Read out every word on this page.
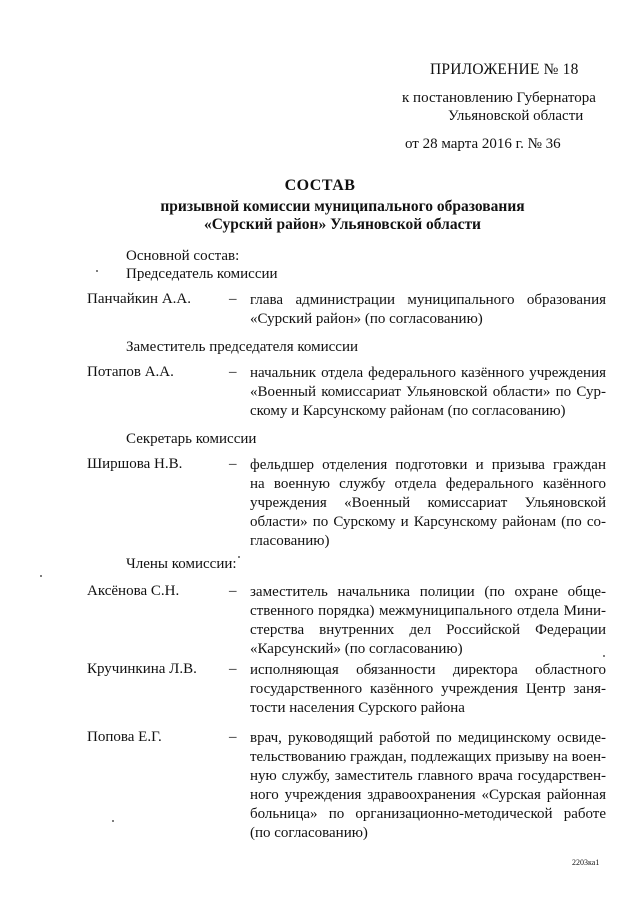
ПРИЛОЖЕНИЕ № 18
к постановлению Губернатора
Ульяновской области
от 28 марта 2016 г. № 36
СОСТАВ
призывной комиссии муниципального образования
«Сурский район» Ульяновской области
Основной состав:
Председатель комиссии
Панчайкин А.А.	– глава администрации муниципального образования
«Сурский район» (по согласованию)
Заместитель председателя комиссии
Потапов А.А.	– начальник отдела федерального казённого учреждения
«Военный комиссариат Ульяновской области» по Сур-
скому и Карсунскому районам (по согласованию)
Секретарь комиссии
Ширшова Н.В.	– фельдшер отделения подготовки и призыва граждан
на военную службу отдела федерального казённого
учреждения «Военный комиссариат Ульяновской
области» по Сурскому и Карсунскому районам (по со-
гласованию)
Члены комиссии:
Аксёнова С.Н.	– заместитель начальника полиции (по охране обще-
ственного порядка) межмуниципального отдела Мини-
стерства внутренних дел Российской Федерации
«Карсунский» (по согласованию)
Кручинкина Л.В. – исполняющая обязанности директора областного
государственного казённого учреждения Центр заня-
тости населения Сурского района
Попова Е.Г.	– врач, руководящий работой по медицинскому освиде-
тельствованию граждан, подлежащих призыву на воен-
ную службу, заместитель главного врача государствен-
ного учреждения здравоохранения «Сурская районная
больница» по организационно-методической работе
(по согласованию)
2203ка1
